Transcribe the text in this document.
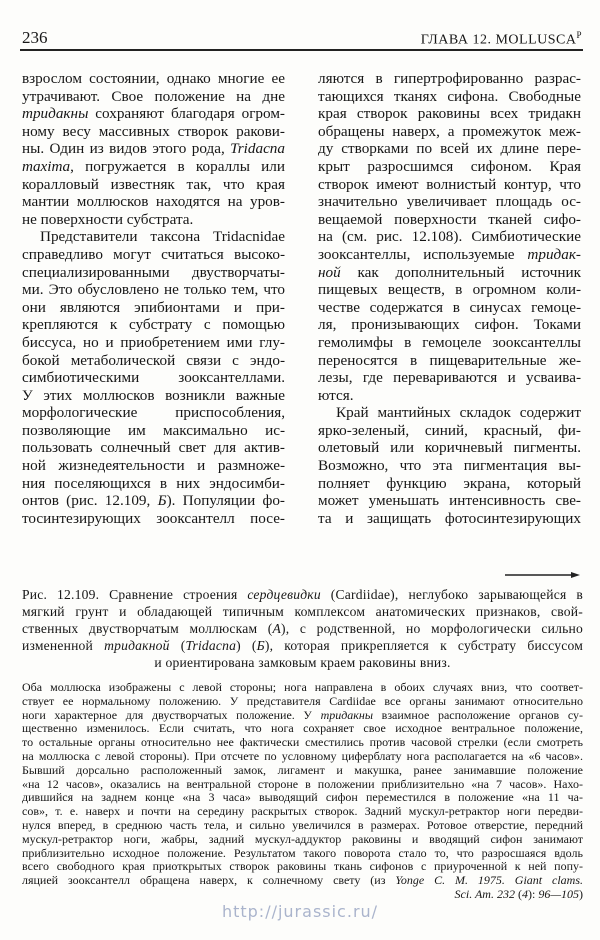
236	ГЛАВА 12. $MOLLUSCA^P$
взрослом состоянии, однако многие ее
утрачивают. Свое положение на дне
тридакны сохраняют благодаря огром-
ному весу массивных створок ракови-
ны. Один из видов этого рода, Tridacna
maxima, погружается в кораллы или
коралловый известняк так, что края
мантии моллюсков находятся на уров-
не поверхности субстрата.
Представители таксона Tridacnidae
справедливо могут считаться высоко-
специализированными двустворчаты-
ми. Это обусловлено не только тем, что
они являются эпибионтами и при-
крепляются к субстрату с помощью
биссуса, но и приобретением ими глу-
бокой метаболической связи с эндо-
симбиотическими зооксантеллами.
У этих моллюсков возникли важные
морфологические приспособления,
позволяющие им максимально ис-
пользовать солнечный свет для актив-
ной жизнедеятельности и размноже-
ния поселяющихся в них эндосимби-
онтов (рис. 12.109, Б). Популяции фо-
тосинтезирующих зооксантелл посе-
ляются в гипертрофированно разрас-
тающихся тканях сифона. Свободные
края створок раковины всех тридакн
обращены наверх, а промежуток меж-
ду створками по всей их длине пере-
крыт разросшимся сифоном. Края
створок имеют волнистый контур, что
значительно увеличивает площадь ос-
вещаемой поверхности тканей сифо-
на (см. рис. 12.108). Симбиотические
зооксантеллы, используемые тридак-
ной как дополнительный источник
пищевых веществ, в огромном коли-
честве содержатся в синусах гемоце-
ля, пронизывающих сифон. Токами
гемолимфы в гемоцеле зооксантеллы
переносятся в пищеварительные же-
лезы, где перевариваются и усваива-
ются.
Край мантийных складок содержит
ярко-зеленый, синий, красный, фи-
олетовый или коричневый пигменты.
Возможно, что эта пигментация вы-
полняет функцию экрана, который
может уменьшать интенсивность све-
та и защищать фотосинтезирующих
Рис. 12.109. Сравнение строения сердцевидки (Cardiidae), неглубоко зарывающейся в
мягкий грунт и обладающей типичным комплексом анатомических признаков, свой-
ственных двустворчатым моллюскам (А), с родственной, но морфологически сильно
измененной тридакной (Tridacna) (Б), которая прикрепляется к субстрату биссусом
и ориентирована замковым краем раковины вниз.
Оба моллюска изображены с левой стороны; нога направлена в обоих случаях вниз, что соответ-
ствует ее нормальному положению. У представителя Cardiidae все органы занимают относительно
ноги характерное для двустворчатых положение. У тридакны взаимное расположение органов су-
щественно изменилось. Если считать, что нога сохраняет свое исходное вентральное положение,
то остальные органы относительно нее фактически сместились против часовой стрелки (если смотреть
на моллюска с левой стороны). При отсчете по условному циферблату нога располагается на «6 часов».
Бывший дорсально расположенный замок, лигамент и макушка, ранее занимавшие положение
«на 12 часов», оказались на вентральной стороне в положении приблизительно «на 7 часов». Нахо-
дившийся на заднем конце «на 3 часа» выводящий сифон переместился в положение «на 11 ча-
сов», т. е. наверх и почти на середину раскрытых створок. Задний мускул-ретрактор ноги передви-
нулся вперед, в среднюю часть тела, и сильно увеличился в размерах. Ротовое отверстие, передний
мускул-ретрактор ноги, жабры, задний мускул-аддуктор раковины и вводящий сифон занимают
приблизительно исходное положение. Результатом такого поворота стало то, что разросшаяся вдоль
всего свободного края приоткрытых створок раковины ткань сифонов с приуроченной к ней попу-
ляцией зооксантелл обращена наверх, к солнечному свету (из Yonge C. M. 1975. Giant clams.
Sci. Am. 232 (4): 96—105)
http://jurassic.ru/
